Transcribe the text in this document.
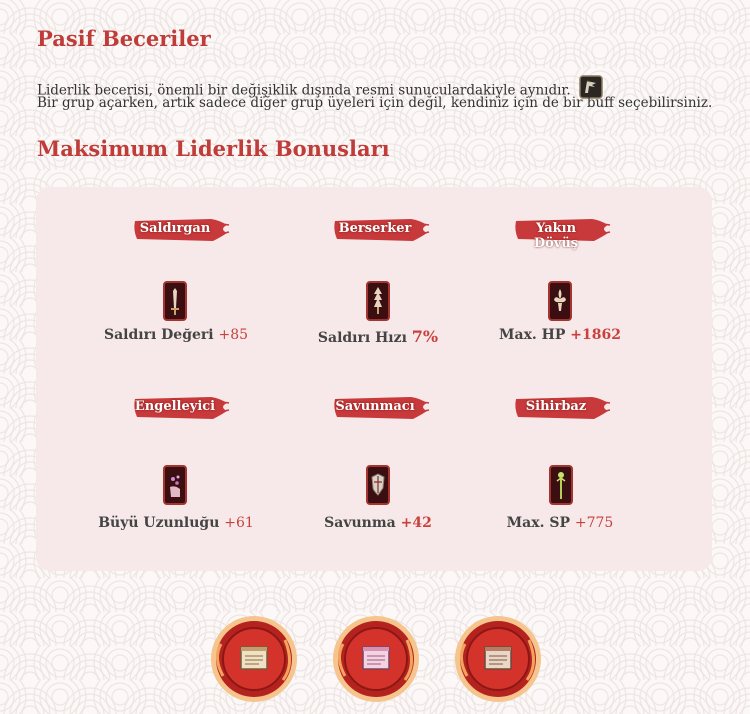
Pasif Beceriler
Liderlik becerisi, önemli bir değişiklik dışında resmi sunuculardakiyle aynıdır.
Bir grup açarken, artık sadece diğer grup üyeleri için değil, kendiniz için de bir buff seçebilirsiniz.
Maksimum Liderlik Bonusları
Saldırgan
Saldırı Değeri +85
Berserker
Saldırı Hızı 7%
Yakın Dövüş
Max. HP +1862
Engelleyici
Büyü Uzunluğu +61
Savunmacı
Savunma +42
Sihirbaz
Max. SP +775
